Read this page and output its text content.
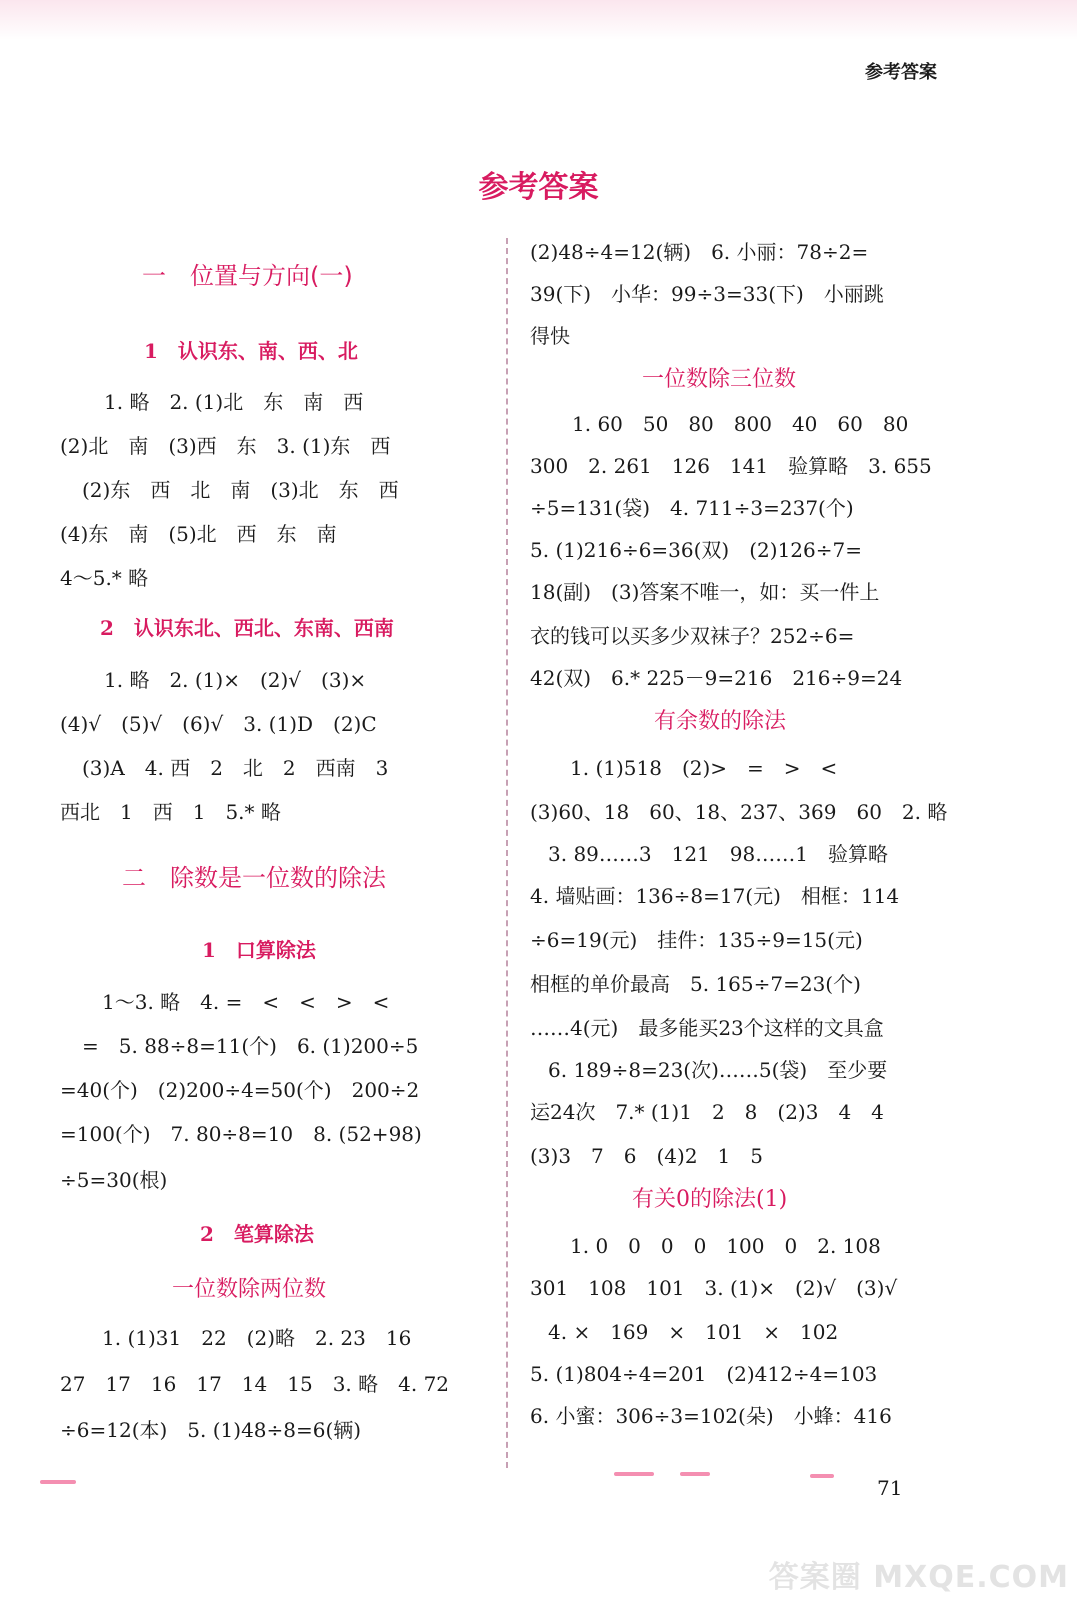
参考答案
参考答案
一　位置与方向(一)
1　认识东、南、西、北
1. 略　2. (1)北　东　南　西
(2)北　南　(3)西　东　3. (1)东　西
(2)东　西　北　南　(3)北　东　西
(4)东　南　(5)北　西　东　南
4～5.* 略
2　认识东北、西北、东南、西南
1. 略　2. (1)×　(2)√　(3)×
(4)√　(5)√　(6)√　3. (1)D　(2)C
(3)A　4. 西　2　北　2　西南　3
西北　1　西　1　5.* 略
二　除数是一位数的除法
1　口算除法
1～3. 略　4. =　<　<　>　<
=　5. 88÷8=11(个)　6. (1)200÷5
=40(个)　(2)200÷4=50(个)　200÷2
=100(个)　7. 80÷8=10　8. (52+98)
÷5=30(根)
2　笔算除法
一位数除两位数
1. (1)31　22　(2)略　2. 23　16
27　17　16　17　14　15　3. 略　4. 72
÷6=12(本)　5. (1)48÷8=6(辆)
(2)48÷4=12(辆)　6. 小丽：78÷2=
39(下)　小华：99÷3=33(下)　小丽跳
得快
一位数除三位数
1. 60　50　80　800　40　60　80
300　2. 261　126　141　验算略　3. 655
÷5=131(袋)　4. 711÷3=237(个)
5. (1)216÷6=36(双)　(2)126÷7=
18(副)　(3)答案不唯一，如：买一件上
衣的钱可以买多少双袜子？252÷6=
42(双)　6.* 225－9=216　216÷9=24
有余数的除法
1. (1)518　(2)>　=　>　<
(3)60、18　60、18、237、369　60　2. 略
3. 89……3　121　98……1　验算略
4. 墙贴画：136÷8=17(元)　相框：114
÷6=19(元)　挂件：135÷9=15(元)
相框的单价最高　5. 165÷7=23(个)
……4(元)　最多能买23个这样的文具盒
6. 189÷8=23(次)……5(袋)　至少要
运24次　7.* (1)1　2　8　(2)3　4　4
(3)3　7　6　(4)2　1　5
有关0的除法(1)
1. 0　0　0　0　100　0　2. 108
301　108　101　3. (1)×　(2)√　(3)√
4. ×　169　×　101　×　102
5. (1)804÷4=201　(2)412÷4=103
6. 小蜜：306÷3=102(朵)　小蜂：416
71
答案圈 MXQE.COM
